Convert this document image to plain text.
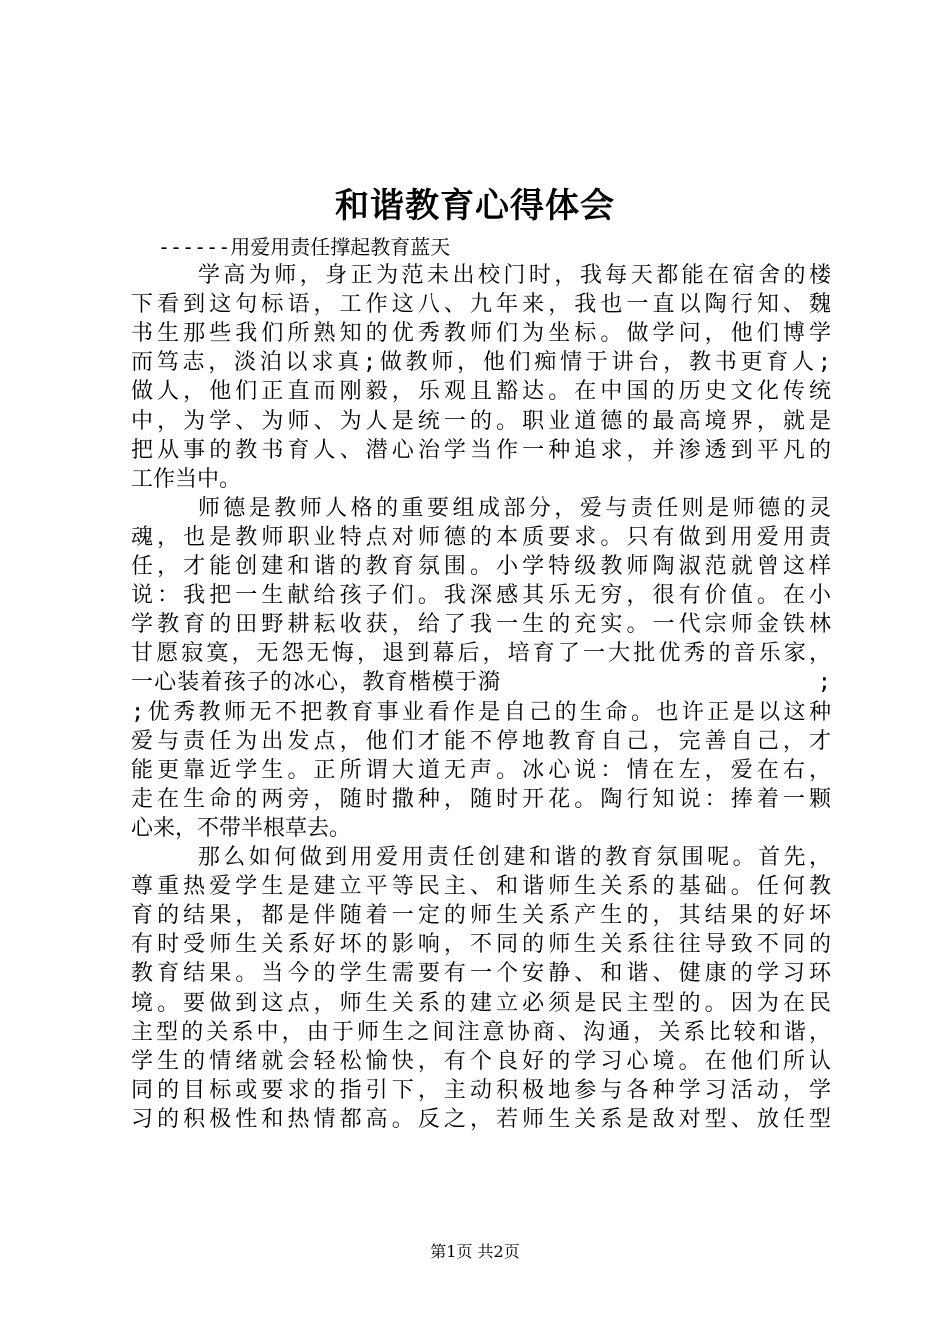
和谐教育心得体会
------用爱用责任撑起教育蓝天
学高为师，身正为范未出校门时，我每天都能在宿舍的楼
下看到这句标语，工作这八、九年来，我也一直以陶行知、魏
书生那些我们所熟知的优秀教师们为坐标。做学问，他们博学
而笃志，淡泊以求真;做教师，他们痴情于讲台，教书更育人;
做人，他们正直而刚毅，乐观且豁达。在中国的历史文化传统
中，为学、为师、为人是统一的。职业道德的最高境界，就是
把从事的教书育人、潜心治学当作一种追求，并渗透到平凡的
工作当中。
师德是教师人格的重要组成部分，爱与责任则是师德的灵
魂，也是教师职业特点对师德的本质要求。只有做到用爱用责
任，才能创建和谐的教育氛围。小学特级教师陶淑范就曾这样
说：我把一生献给孩子们。我深感其乐无穷，很有价值。在小
学教育的田野耕耘收获，给了我一生的充实。一代宗师金铁林
甘愿寂寞，无怨无悔，退到幕后，培育了一大批优秀的音乐家，
一心装着孩子的冰心，教育楷模于漪                      ;
;优秀教师无不把教育事业看作是自己的生命。也许正是以这种
爱与责任为出发点，他们才能不停地教育自己，完善自己，才
能更靠近学生。正所谓大道无声。冰心说：情在左，爱在右，
走在生命的两旁，随时撒种，随时开花。陶行知说：捧着一颗
心来，不带半根草去。
那么如何做到用爱用责任创建和谐的教育氛围呢。首先，
尊重热爱学生是建立平等民主、和谐师生关系的基础。任何教
育的结果，都是伴随着一定的师生关系产生的，其结果的好坏
有时受师生关系好坏的影响，不同的师生关系往往导致不同的
教育结果。当今的学生需要有一个安静、和谐、健康的学习环
境。要做到这点，师生关系的建立必须是民主型的。因为在民
主型的关系中，由于师生之间注意协商、沟通，关系比较和谐，
学生的情绪就会轻松愉快，有个良好的学习心境。在他们所认
同的目标或要求的指引下，主动积极地参与各种学习活动，学
习的积极性和热情都高。反之，若师生关系是敌对型、放任型
第1页 共2页
